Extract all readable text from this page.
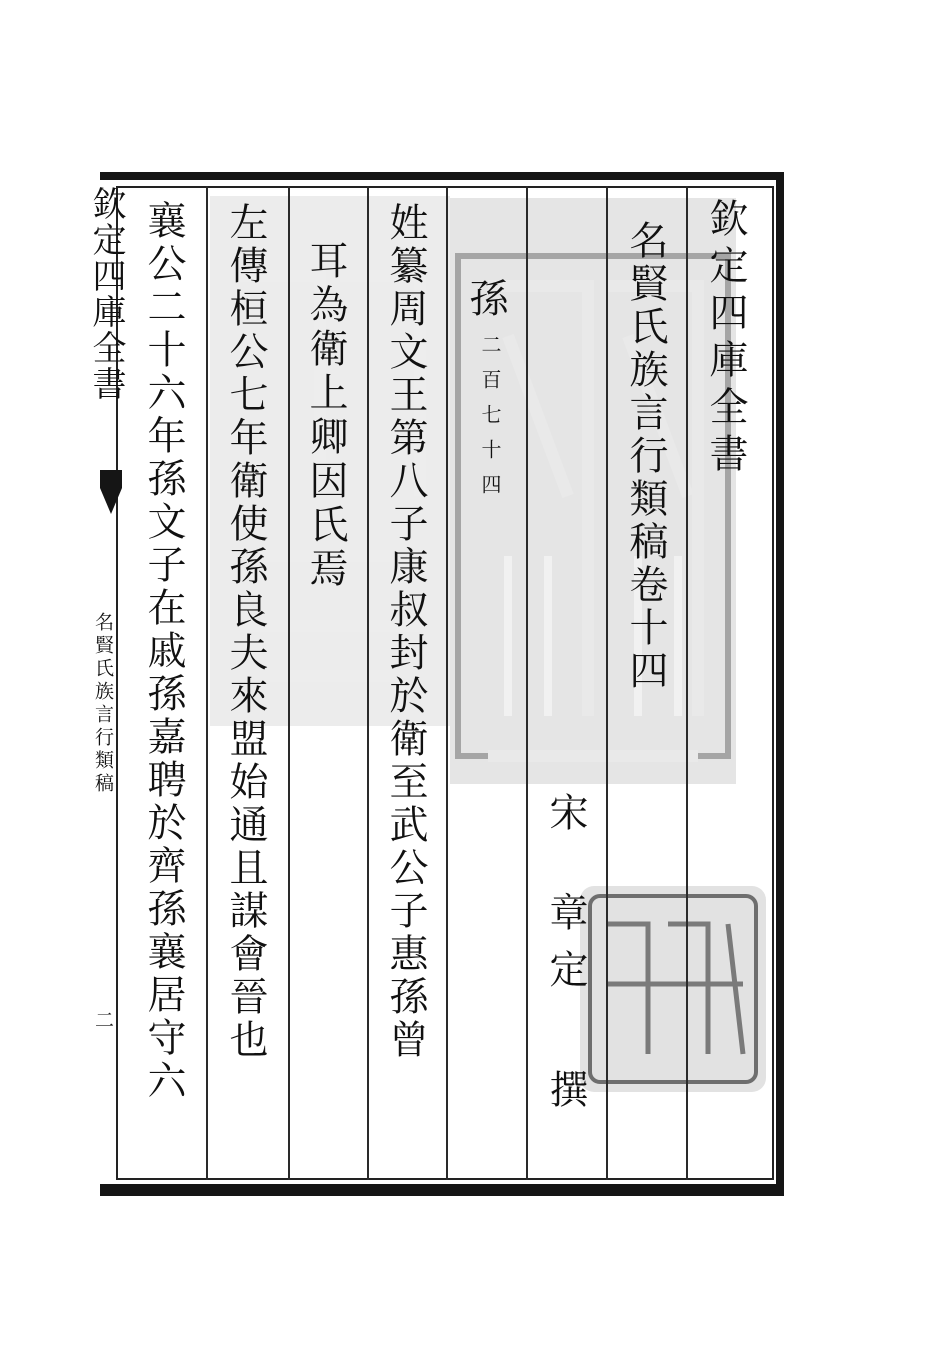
欽定四庫全書
名賢氏族言行類稿卷十四
宋
章定 撰
孫
二百七十四
姓纂周文王第八子康叔封於衛至武公子惠孫曾
耳為衛上卿因氏焉
左傳桓公七年衛使孫良夫來盟始通且謀會晉也
襄公二十六年孫文子在戚孫嘉聘於齊孫襄居守六
欽定四庫全書
名賢氏族言行類稿
二
